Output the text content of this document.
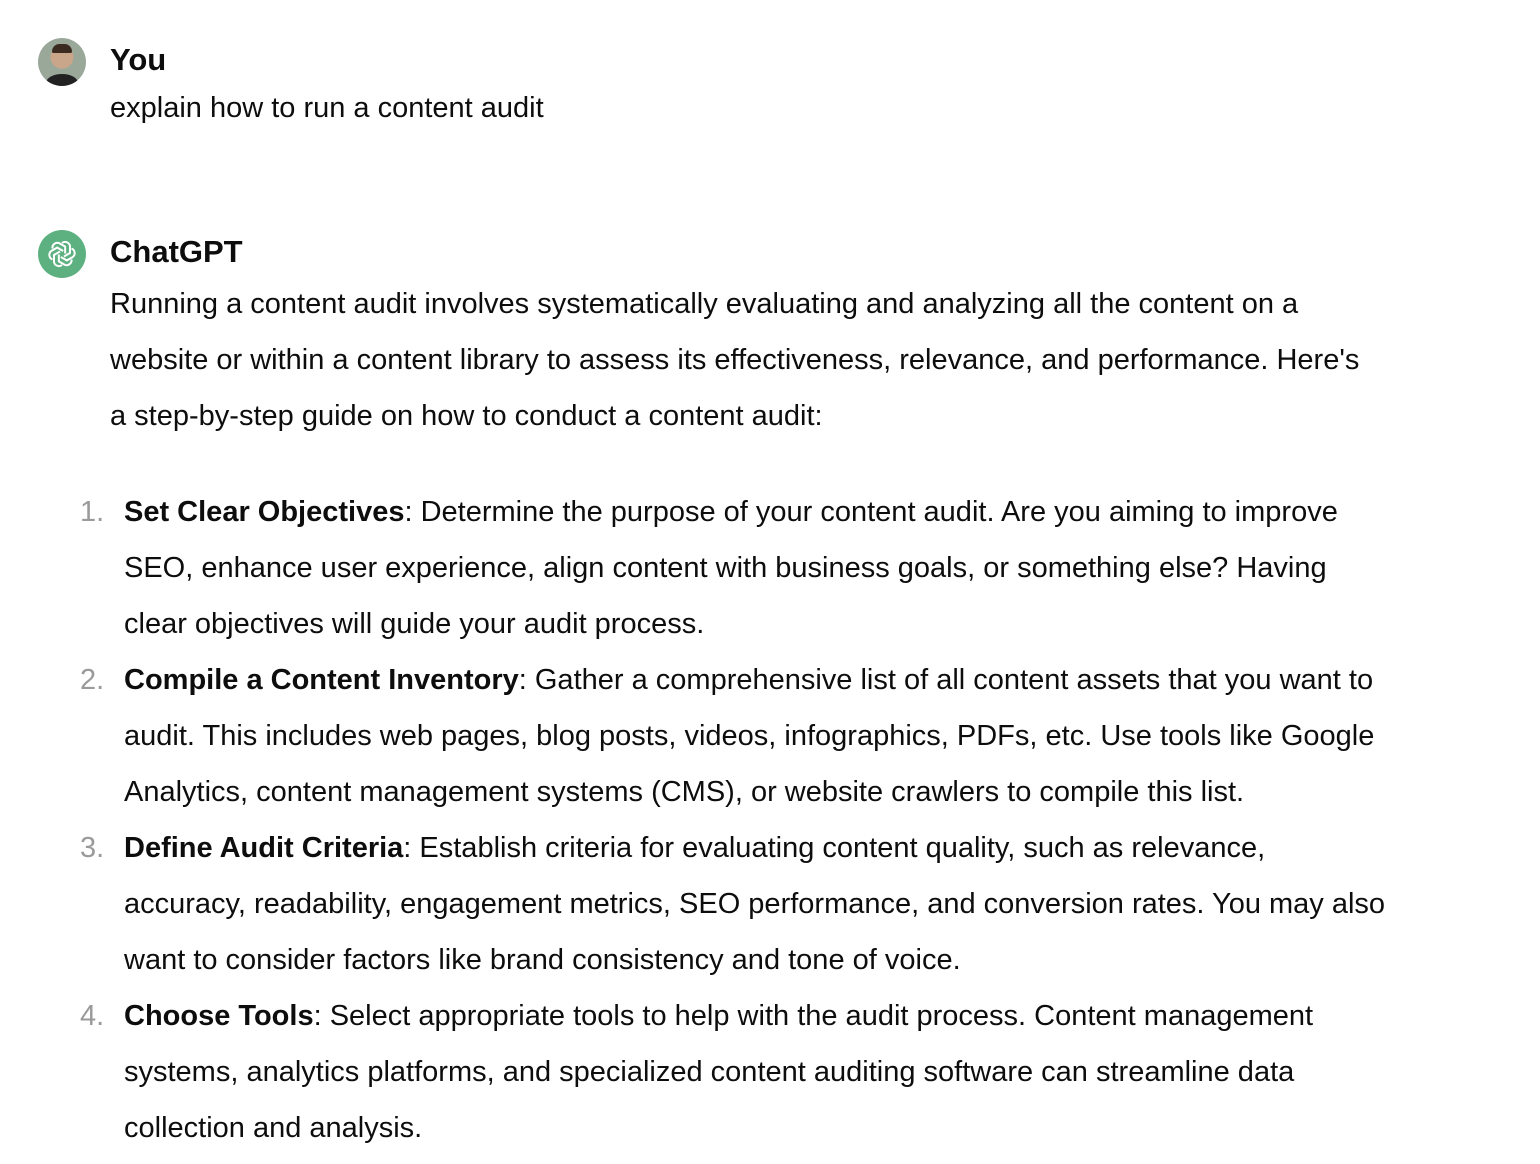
You
explain how to run a content audit
ChatGPT
Running a content audit involves systematically evaluating and analyzing all the content on a
website or within a content library to assess its effectiveness, relevance, and performance. Here's
a step-by-step guide on how to conduct a content audit:
1. Set Clear Objectives: Determine the purpose of your content audit. Are you aiming to improve
SEO, enhance user experience, align content with business goals, or something else? Having
clear objectives will guide your audit process.
2. Compile a Content Inventory: Gather a comprehensive list of all content assets that you want to
audit. This includes web pages, blog posts, videos, infographics, PDFs, etc. Use tools like Google
Analytics, content management systems (CMS), or website crawlers to compile this list.
3. Define Audit Criteria: Establish criteria for evaluating content quality, such as relevance,
accuracy, readability, engagement metrics, SEO performance, and conversion rates. You may also
want to consider factors like brand consistency and tone of voice.
4. Choose Tools: Select appropriate tools to help with the audit process. Content management
systems, analytics platforms, and specialized content auditing software can streamline data
collection and analysis.
